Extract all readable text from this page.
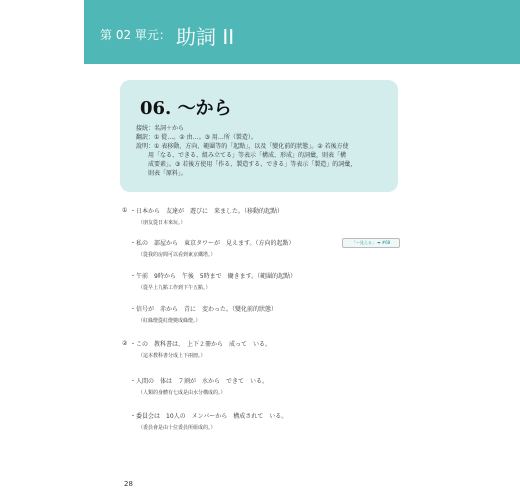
第 02 單元： 助詞 II
06. ～から
接続：名詞＋から
翻訳：① 從…。② 由…。③ 用…所（製造）。
說明：① 表移動、方向、範圍等的「起點」，以及「變化前的狀態」。② 若後方使
用「なる、できる、組み立てる」等表示「構成、形成」的詞彙，則表「構
成要素」。③ 若後方使用「作る、製造する、できる」等表示「製造」的詞彙，
則表「原料」。
① ・日本から　友達が　遊びに　来ました。（移動的起點）
（朋友從日本來玩。）
・私の　部屋から　東京タワーが　見えます。（方向的起點）	「～見える」 ➡ #68
（從我的房間可以看到東京鐵塔。）
・午前　9時から　午後　5時まで　働きます。（範圍的起點）
（從早上九點工作到下午五點。）
・信号が　赤から　青に　変わった。（變化前的狀態）
（紅綠燈從紅燈變成綠燈。）
② ・この　教科書は、　上下２冊から　成って　いる。
（這本教科書分成上下兩冊。）
・人間の　体は　７割が　水から　できて　いる。
（人類的身體有七成是由水分構成的。）
・委員会は　10人の　メンバーから　構成されて　いる。
（委員會是由十位委員所組成的。）
28
